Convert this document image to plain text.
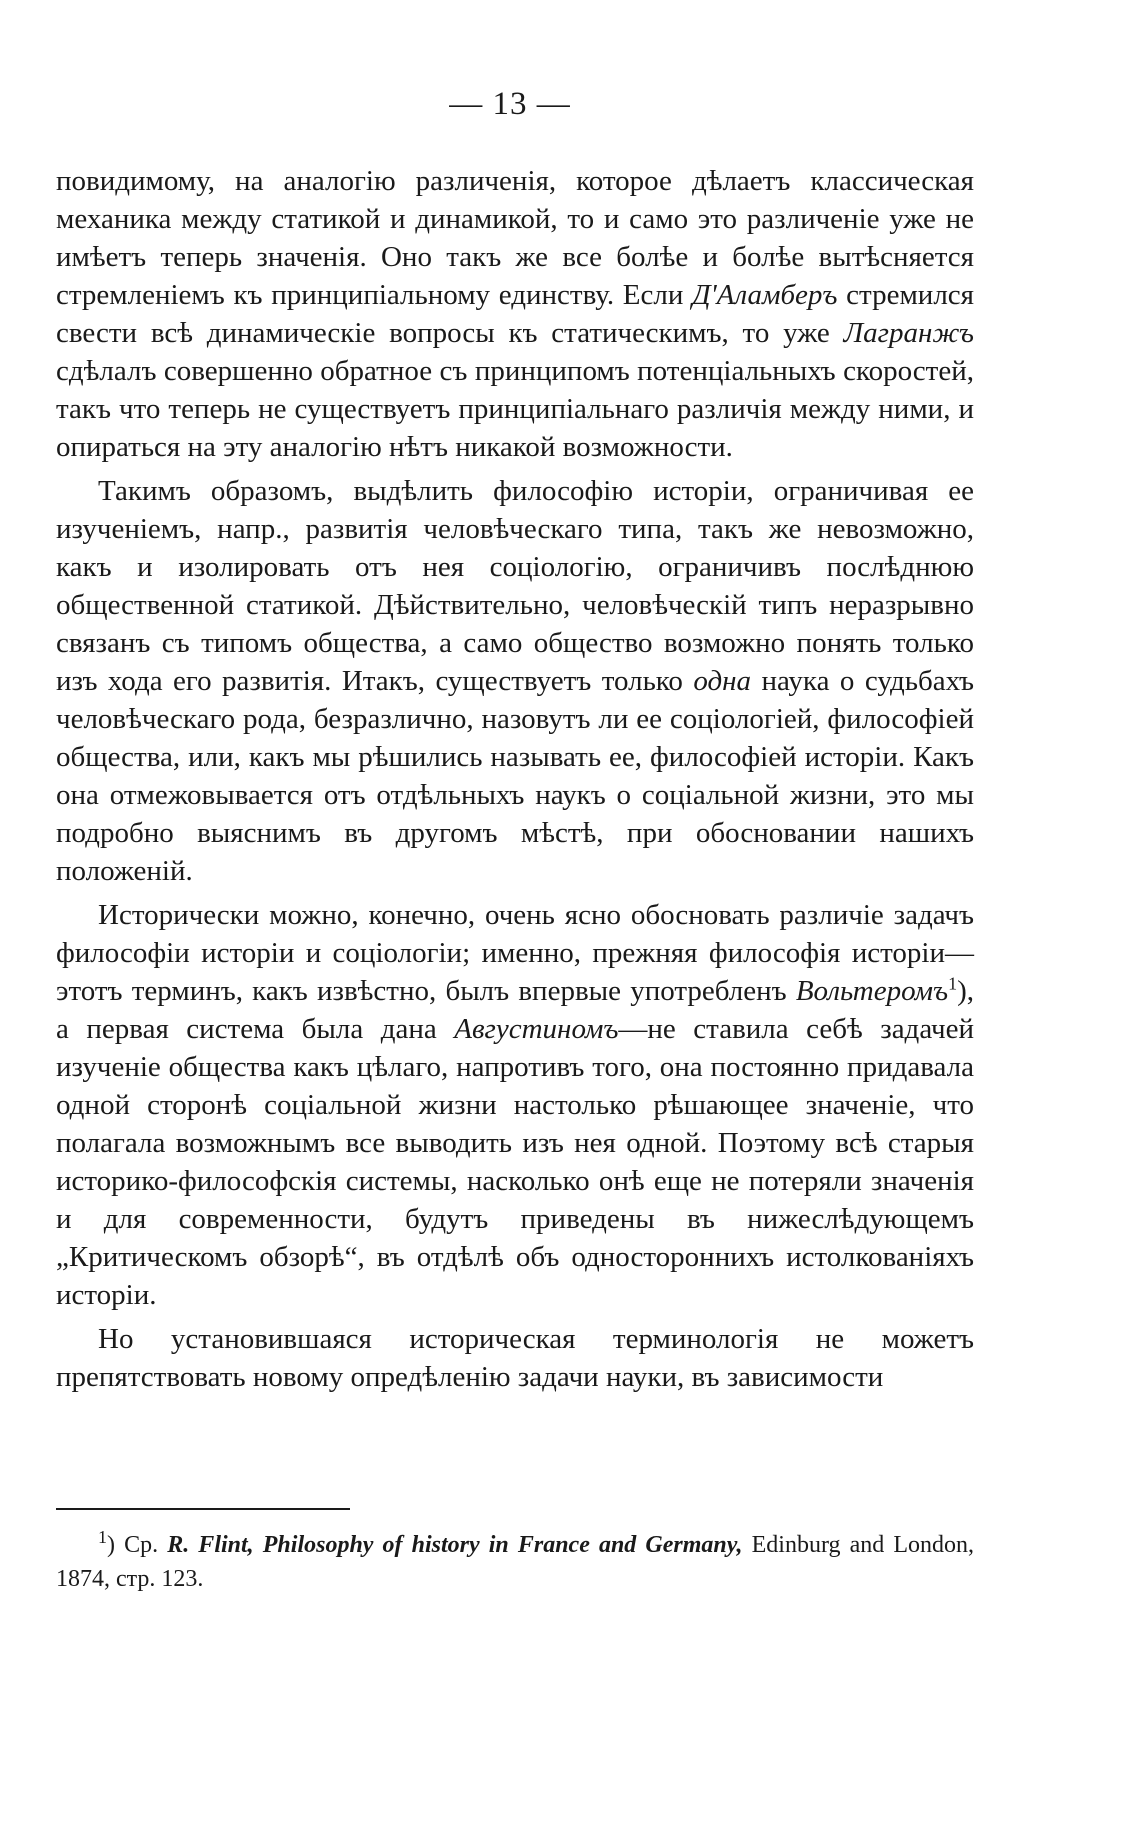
— 13 —

повидимому, на аналогію различенія, которое дѣлаетъ классическая механика между статикой и динамикой, то и само это различеніе уже не имѣетъ теперь значенія. Оно такъ же все болѣе и болѣе вытѣсняется стремленіемъ къ принципіальному единству. Если Д'Аламберъ стремился свести всѣ динамическіе вопросы къ статическимъ, то уже Лагранжъ сдѣлалъ совершенно обратное съ принципомъ потенціальныхъ скоростей, такъ что теперь не существуетъ принципіальнаго различія между ними, и опираться на эту аналогію нѣтъ никакой возможности.

Такимъ образомъ, выдѣлить философію исторіи, ограничивая ее изученіемъ, напр., развитія человѣческаго типа, такъ же невозможно, какъ и изолировать отъ нея соціологію, ограничивъ послѣднюю общественной статикой. Дѣйствительно, человѣческій типъ неразрывно связанъ съ типомъ общества, а само общество возможно понять только изъ хода его развитія. Итакъ, существуетъ только одна наука о судьбахъ человѣческаго рода, безразлично, назовутъ ли ее соціологіей, философіей общества, или, какъ мы рѣшились называть ее, философіей исторіи. Какъ она отмежовывается отъ отдѣльныхъ наукъ о соціальной жизни, это мы подробно выяснимъ въ другомъ мѣстѣ, при обосновании нашихъ положеній.

Исторически можно, конечно, очень ясно обосновать различіе задачъ философіи исторіи и соціологіи; именно, прежняя философія исторіи—этотъ терминъ, какъ извѣстно, былъ впервые употребленъ Вольтеромъ$^1$), а первая система была дана Августиномъ—не ставила себѣ задачей изученіе общества какъ цѣлаго, напротивъ того, она постоянно придавала одной сторонѣ соціальной жизни настолько рѣшающее значеніе, что полагала возможнымъ все выводить изъ нея одной. Поэтому всѣ старыя историко-философскія системы, насколько онѣ еще не потеряли значенія и для современности, будутъ приведены въ нижеслѣдующемъ „Критическомъ обзорѣ“, въ отдѣлѣ объ одностороннихъ истолкованіяхъ исторіи.

Но установившаяся историческая терминологія не можетъ препятствовать новому опредѣленію задачи науки, въ зависимости

$^1$) Ср. R. Flint, Philosophy of history in France and Germany, Edinburg and London, 1874, стр. 123.
